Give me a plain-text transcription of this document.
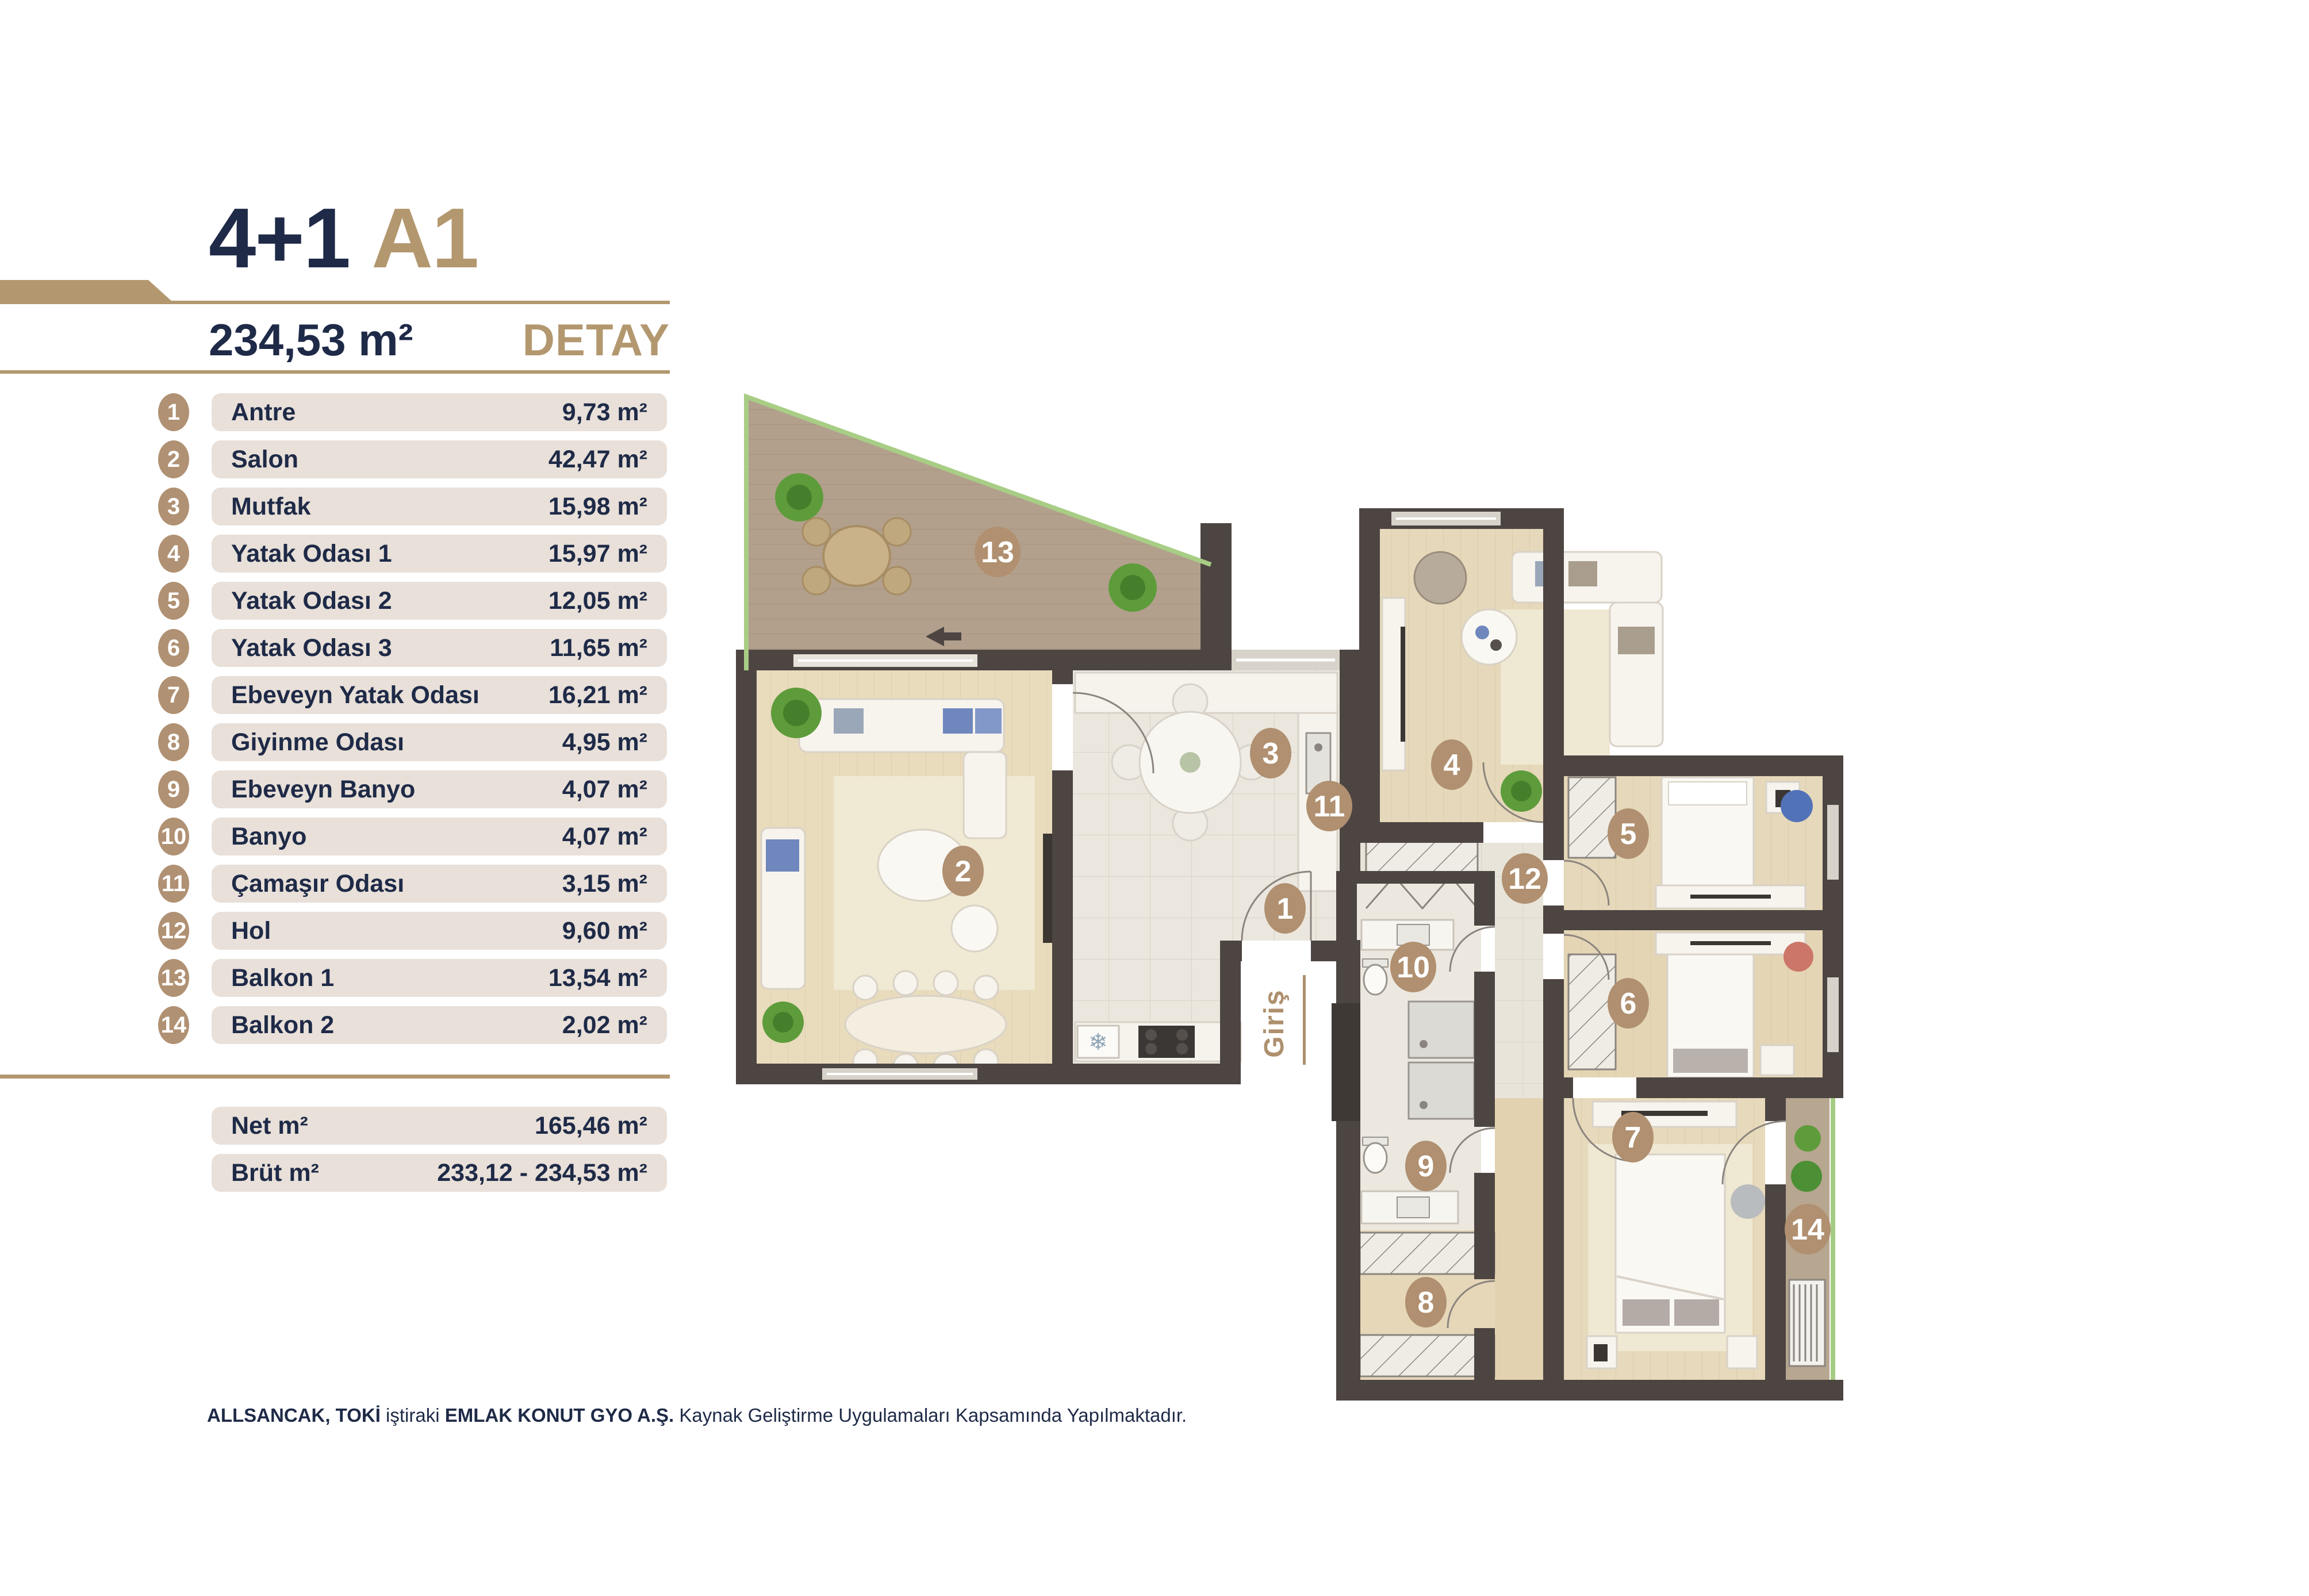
4+1 A1
234,53 m² DETAY
1	Antre	9,73 m²
2	Salon	42,47 m²
3	Mutfak	15,98 m²
4	Yatak Odası 1	15,97 m²
5	Yatak Odası 2	12,05 m²
6	Yatak Odası 3	11,65 m²
7	Ebeveyn Yatak Odası	16,21 m²
8	Giyinme Odası	4,95 m²
9	Ebeveyn Banyo	4,07 m²
10 Banyo	4,07 m²
11 Çamaşır Odası	3,15 m²
12 Hol	9,60 m²
13 Balkon 1	13,54 m²
14 Balkon 2	2,02 m²
Net m²	165,46 m²
Brüt m²	233,12 - 234,53 m²
ALLSANCAK, TOKİ iştiraki EMLAK KONUT GYO A.Ş. Kaynak Geliştirme Uygulamaları Kapsamında Yapılmaktadır.
❄	Giriş
1
2
3	4
5
6
7
8
9
10
11
12
13
14
